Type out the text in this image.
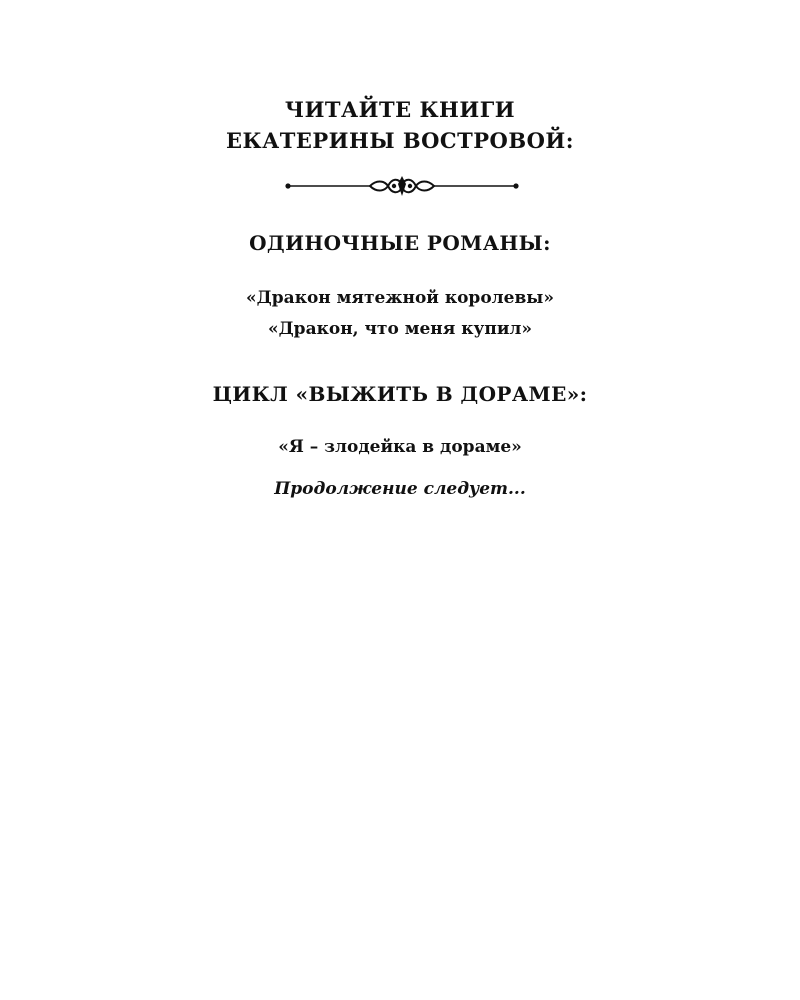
ЧИТАЙТЕ КНИГИ
ЕКАТЕРИНЫ ВОСТРОВОЙ:
ОДИНОЧНЫЕ РОМАНЫ:
«Дракон мятежной королевы»
«Дракон, что меня купил»
ЦИКЛ «ВЫЖИТЬ В ДОРАМЕ»:
«Я – злодейка в дораме»
Продолжение следует...
